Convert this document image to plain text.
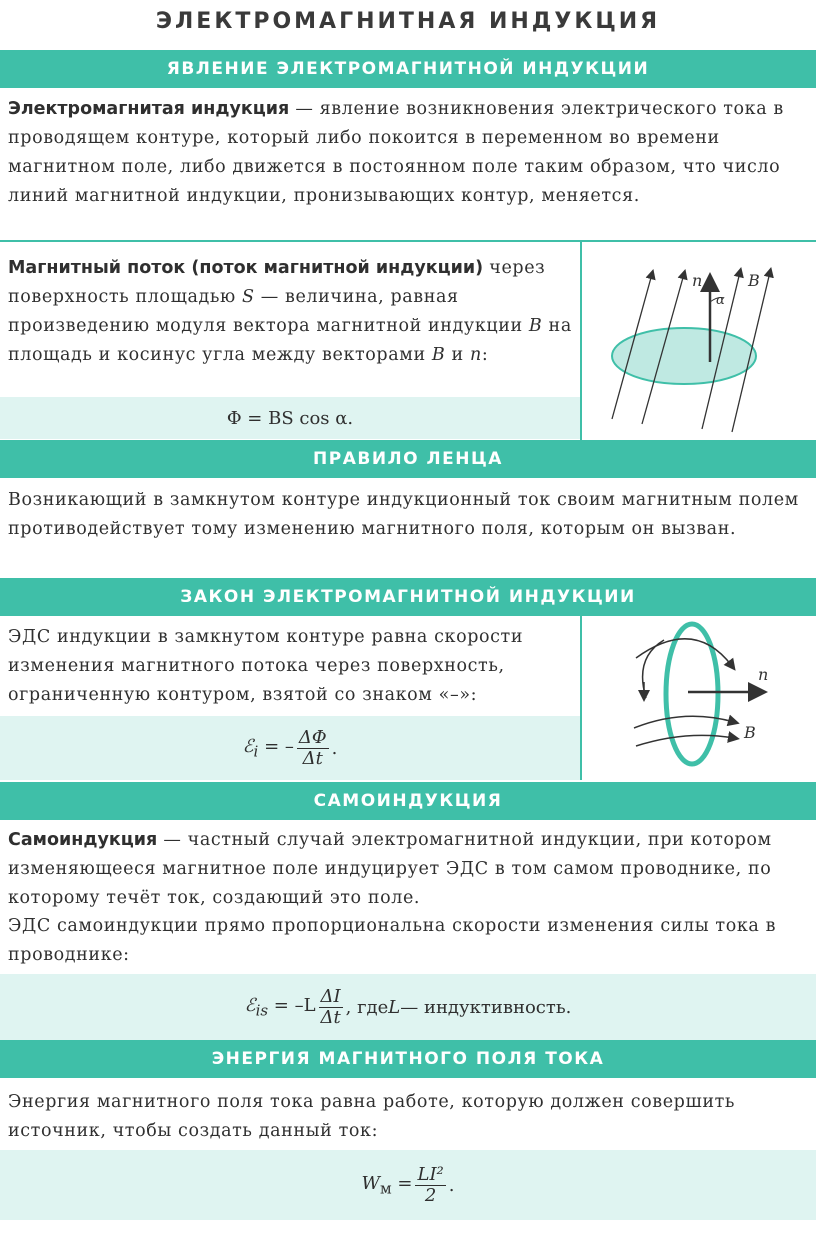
ЭЛЕКТРОМАГНИТНАЯ ИНДУКЦИЯ
ЯВЛЕНИЕ ЭЛЕКТРОМАГНИТНОЙ ИНДУКЦИИ
Электромагнитая индукция — явление возникновения электрического тока в проводящем контуре, который либо покоится в переменном во времени магнитном поле, либо движется в постоянном поле таким образом, что число линий магнитной индукции, пронизывающих контур, меняется.
Магнитный поток (поток магнитной индукции) через поверхность площадью S — величина, равная произведению модуля вектора магнитной индукции B на площадь и косинус угла между векторами B и n:
Φ = BS cos α.
n
α
B
ПРАВИЛО ЛЕНЦА
Возникающий в замкнутом контуре индукционный ток своим магнитным полем противодействует тому изменению магнитного поля, которым он вызван.
ЗАКОН ЭЛЕКТРОМАГНИТНОЙ ИНДУКЦИИ
ЭДС индукции в замкнутом контуре равна скорости изменения магнитного потока через поверхность, ограниченную контуром, взятой со знаком «–»:
ℰ$_i$ = – $\frac{\Delta\Phi}{\Delta t}$ .
n
B
САМОИНДУКЦИЯ
Самоиндукция — частный случай электромагнитной индукции, при котором изменяющееся магнитное поле индуцирует ЭДС в том самом проводнике, по которому течёт ток, создающий это поле.
ЭДС самоиндукции прямо пропорциональна скорости изменения силы тока в проводнике:
ℰ$_{is}$ = $-L \frac{\Delta I}{\Delta t}$ , где L — индуктивность.
ЭНЕРГИЯ МАГНИТНОГО ПОЛЯ ТОКА
Энергия магнитного поля тока равна работе, которую должен совершить источник, чтобы создать данный ток:
$W_м = \frac{\text{LI²}}{2}$ .
